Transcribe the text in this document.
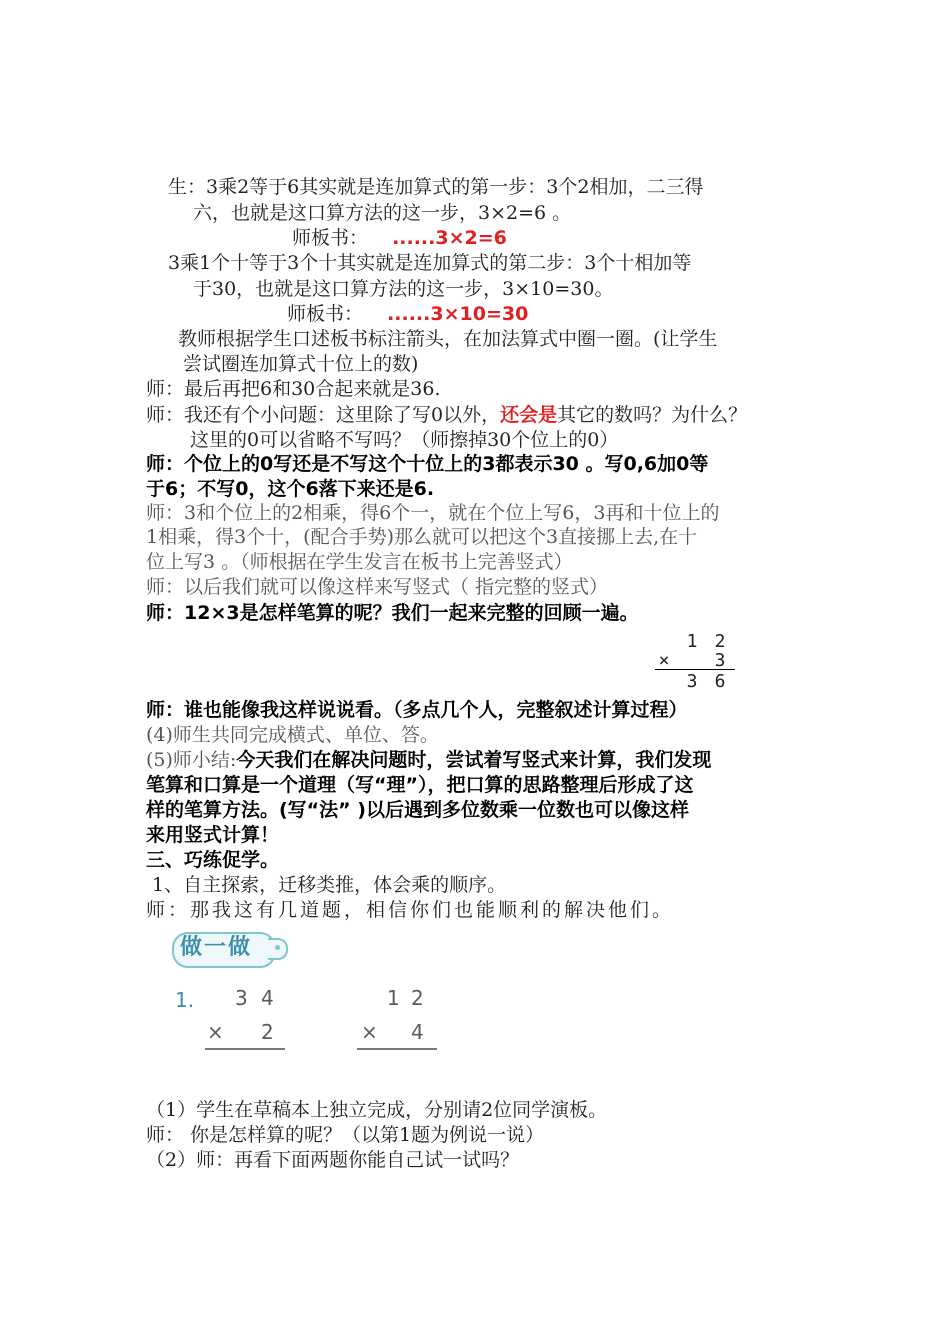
生：3乘2等于6其实就是连加算式的第一步：3个2相加，二三得
六，也就是这口算方法的这一步，3×2=6 。
师板书： ......3×2=6
3乘1个十等于3个十其实就是连加算式的第二步：3个十相加等
于30，也就是这口算方法的这一步，3×10=30。
师板书： ......3×10=30
教师根据学生口述板书标注箭头，在加法算式中圈一圈。(让学生
尝试圈连加算式十位上的数)
师：最后再把6和30合起来就是36.
师：我还有个小问题：这里除了写0以外，还会是其它的数吗？为什么？
这里的0可以省略不写吗？（师擦掉30个位上的0）
师：个位上的0写还是不写这个十位上的3都表示30 。写0,6加0等
于6；不写0，这个6落下来还是6.
师：3和个位上的2相乘，得6个一，就在个位上写6，3再和十位上的
1相乘，得3个十，(配合手势)那么就可以把这个3直接挪上去,在十
位上写3 。（师根据在学生发言在板书上完善竖式）
师：以后我们就可以像这样来写竖式（ 指完整的竖式）
师：12×3是怎样笔算的呢？我们一起来完整的回顾一遍。
1 2
×	3
3 6
师：谁也能像我这样说说看。（多点几个人，完整叙述计算过程）
(4)师生共同完成横式、单位、答。
(5)师小结:今天我们在解决问题时，尝试着写竖式来计算，我们发现
笔算和口算是一个道理（写“理”），把口算的思路整理后形成了这
样的笔算方法。(写“法” )以后遇到多位数乘一位数也可以像这样
来用竖式计算！
三、巧练促学。
1、自主探索，迁移类推，体会乘的顺序。
师：那我这有几道题，相信你们也能顺利的解决他们。
做一做
1. 3 4
× 2
1 2
× 4
（1）学生在草稿本上独立完成，分别请2位同学演板。
师： 你是怎样算的呢？（以第1题为例说一说）
（2）师：再看下面两题你能自己试一试吗？
